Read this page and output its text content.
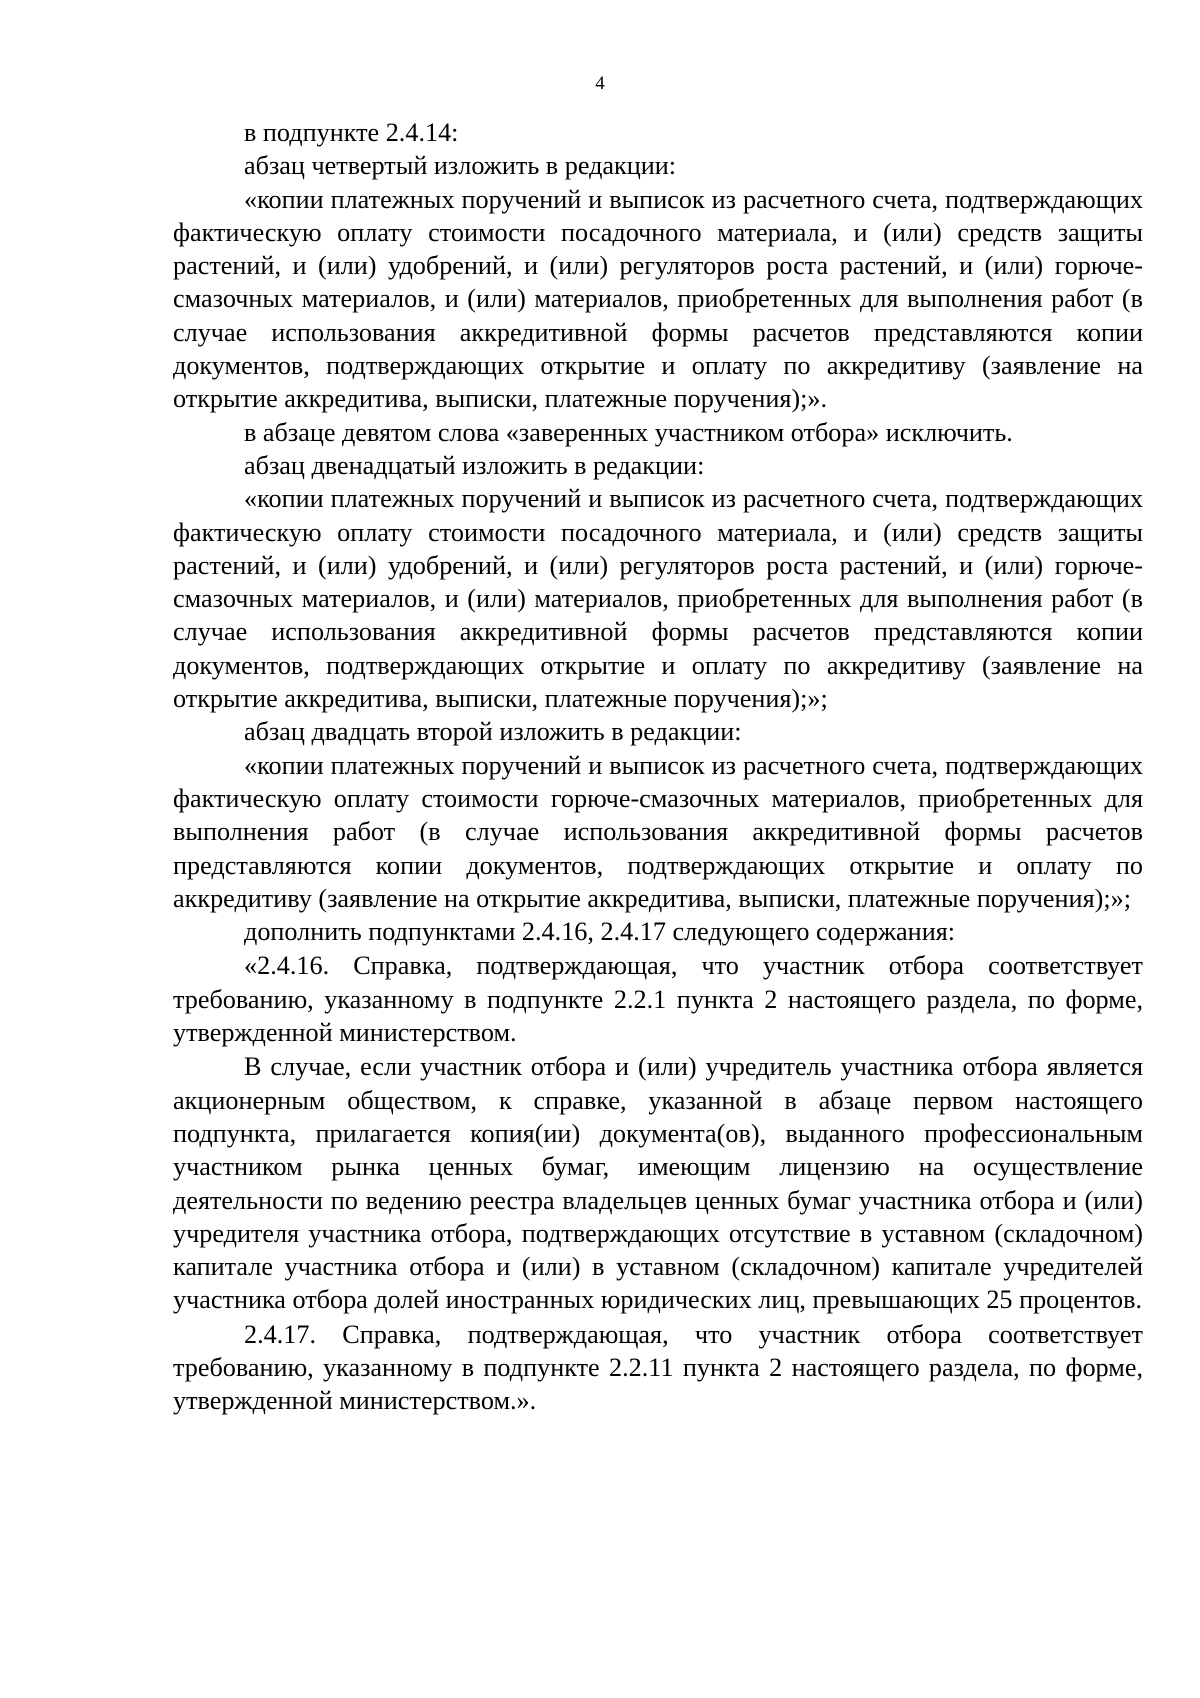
4

в подпункте 2.4.14:

абзац четвертый изложить в редакции:

«копии платежных поручений и выписок из расчетного счета, подтверждающих фактическую оплату стоимости посадочного материала, и (или) средств защиты растений, и (или) удобрений, и (или) регуляторов роста растений, и (или) горюче-смазочных материалов, и (или) материалов, приобретенных для выполнения работ (в случае использования аккредитивной формы расчетов представляются копии документов, подтверждающих открытие и оплату по аккредитиву (заявление на открытие аккредитива, выписки, платежные поручения);».

в абзаце девятом слова «заверенных участником отбора» исключить.

абзац двенадцатый изложить в редакции:

«копии платежных поручений и выписок из расчетного счета, подтверждающих фактическую оплату стоимости посадочного материала, и (или) средств защиты растений, и (или) удобрений, и (или) регуляторов роста растений, и (или) горюче-смазочных материалов, и (или) материалов, приобретенных для выполнения работ (в случае использования аккредитивной формы расчетов представляются копии документов, подтверждающих открытие и оплату по аккредитиву (заявление на открытие аккредитива, выписки, платежные поручения);»;

абзац двадцать второй изложить в редакции:

«копии платежных поручений и выписок из расчетного счета, подтверждающих фактическую оплату стоимости горюче-смазочных материалов, приобретенных для выполнения работ (в случае использования аккредитивной формы расчетов представляются копии документов, подтверждающих открытие и оплату по аккредитиву (заявление на открытие аккредитива, выписки, платежные поручения);»;

дополнить подпунктами 2.4.16, 2.4.17 следующего содержания:

«2.4.16. Справка, подтверждающая, что участник отбора соответствует требованию, указанному в подпункте 2.2.1 пункта 2 настоящего раздела, по форме, утвержденной министерством.

В случае, если участник отбора и (или) учредитель участника отбора является акционерным обществом, к справке, указанной в абзаце первом настоящего подпункта, прилагается копия(ии) документа(ов), выданного профессиональным участником рынка ценных бумаг, имеющим лицензию на осуществление деятельности по ведению реестра владельцев ценных бумаг участника отбора и (или) учредителя участника отбора, подтверждающих отсутствие в уставном (складочном) капитале участника отбора и (или) в уставном (складочном) капитале учредителей участника отбора долей иностранных юридических лиц, превышающих 25 процентов.

2.4.17. Справка, подтверждающая, что участник отбора соответствует требованию, указанному в подпункте 2.2.11 пункта 2 настоящего раздела, по форме, утвержденной министерством.».
